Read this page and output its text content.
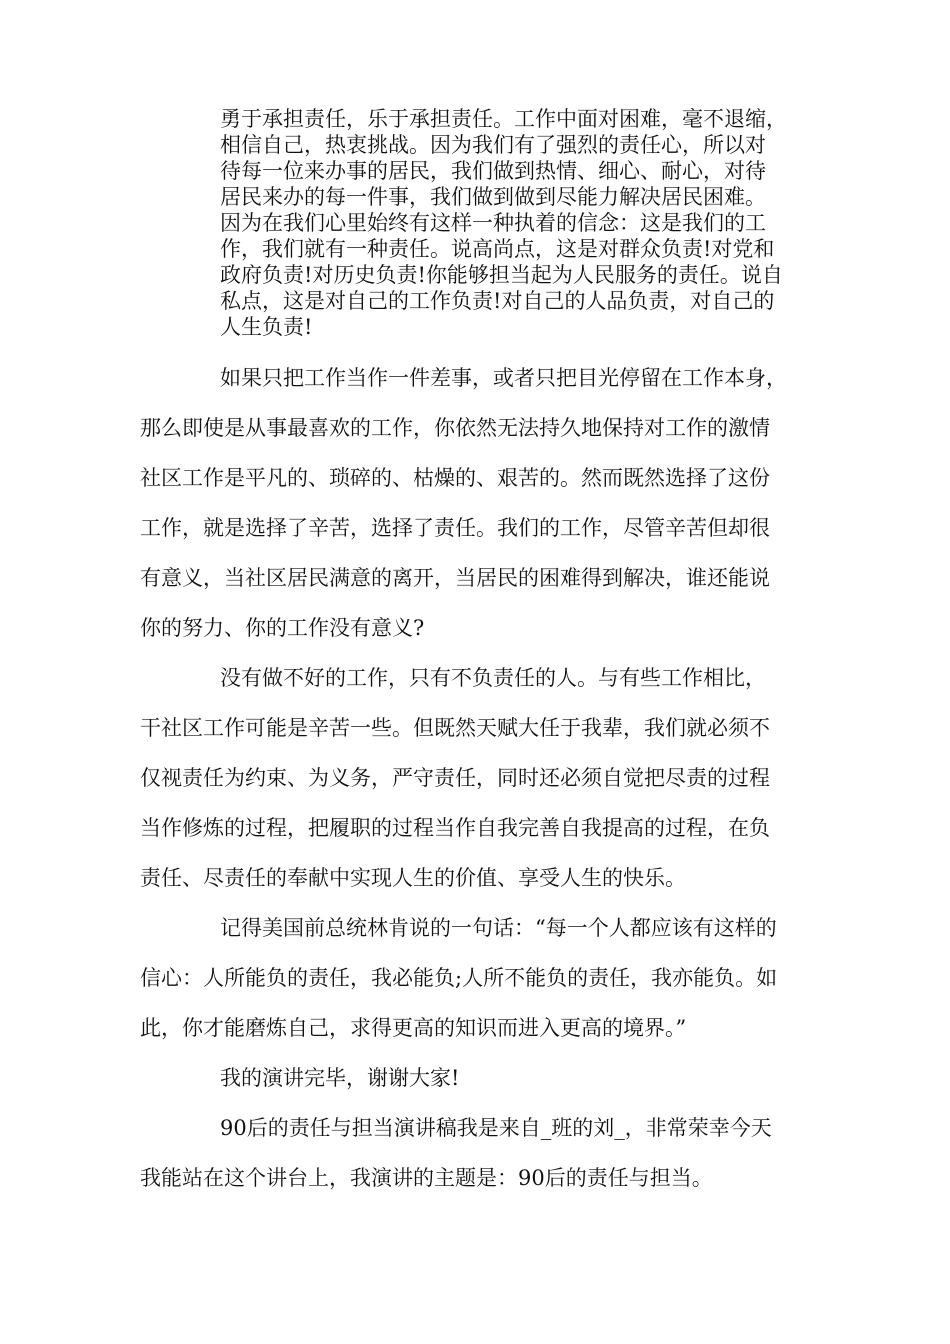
勇于承担责任，乐于承担责任。工作中面对困难，毫不退缩，
相信自己，热衷挑战。因为我们有了强烈的责任心，所以对
待每一位来办事的居民，我们做到热情、细心、耐心，对待
居民来办的每一件事，我们做到做到尽能力解决居民困难。
因为在我们心里始终有这样一种执着的信念：这是我们的工
作，我们就有一种责任。说高尚点，这是对群众负责!对党和
政府负责!对历史负责!你能够担当起为人民服务的责任。说自
私点，这是对自己的工作负责!对自己的人品负责，对自己的
人生负责!
如果只把工作当作一件差事，或者只把目光停留在工作本身，
那么即使是从事最喜欢的工作，你依然无法持久地保持对工作的激情
社区工作是平凡的、琐碎的、枯燥的、艰苦的。然而既然选择了这份
工作，就是选择了辛苦，选择了责任。我们的工作，尽管辛苦但却很
有意义，当社区居民满意的离开，当居民的困难得到解决，谁还能说
你的努力、你的工作没有意义?
没有做不好的工作，只有不负责任的人。与有些工作相比，
干社区工作可能是辛苦一些。但既然天赋大任于我辈，我们就必须不
仅视责任为约束、为义务，严守责任，同时还必须自觉把尽责的过程
当作修炼的过程，把履职的过程当作自我完善自我提高的过程，在负
责任、尽责任的奉献中实现人生的价值、享受人生的快乐。
记得美国前总统林肯说的一句话：“每一个人都应该有这样的
信心：人所能负的责任，我必能负;人所不能负的责任，我亦能负。如
此，你才能磨炼自己，求得更高的知识而进入更高的境界。”
我的演讲完毕，谢谢大家!
90后的责任与担当演讲稿我是来自_班的刘_，非常荣幸今天
我能站在这个讲台上，我演讲的主题是：90后的责任与担当。
